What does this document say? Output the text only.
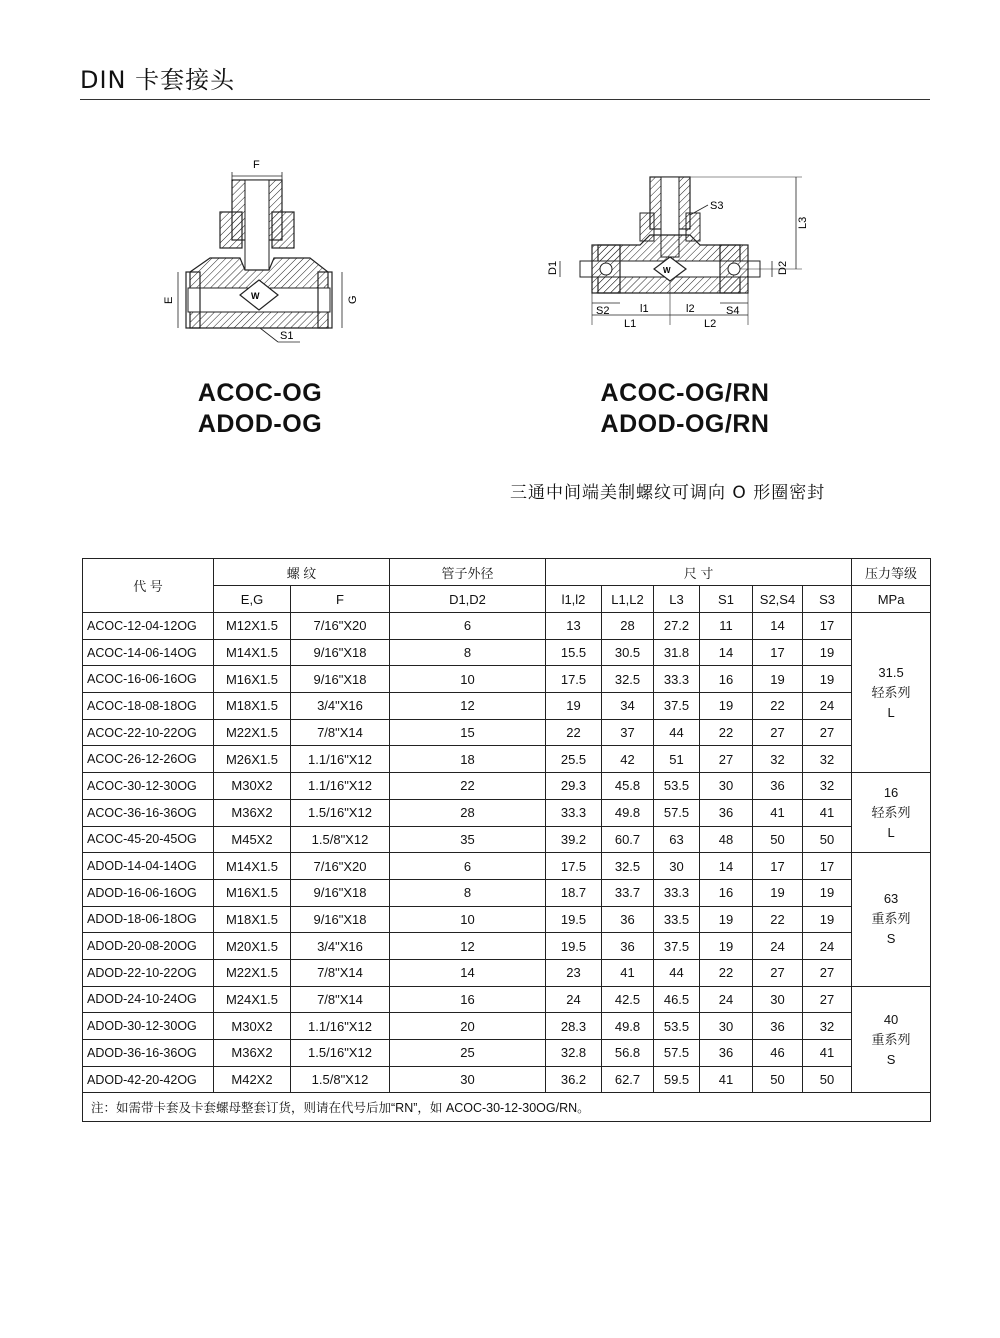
DIN 卡套接头
F
W
E	G
S1
W
S3
L3
D1	D2
S2	S4
l1	l2
L1	L2
ACOC-OG
ADOD-OG
ACOC-OG/RN
ADOD-OG/RN
三通中间端美制螺纹可调向 O 形圈密封
代 号	螺 纹		管子外径	尺 寸						压力等级
	E,G	F	D1,D2	l1,l2	L1,L2	L3	S1	S2,S4	S3	MPa
ACOC-12-04-12OG	M12X1.5	7/16"X20	6	13	28	27.2	11	14	17	31.5
轻系列
L

ACOC-14-06-14OG	M14X1.5	9/16"X18	8	15.5	30.5	31.8	14	17	19	
ACOC-16-06-16OG	M16X1.5	9/16"X18	10	17.5	32.5	33.3	16	19	19	
ACOC-18-08-18OG	M18X1.5	3/4"X16	12	19	34	37.5	19	22	24	
ACOC-22-10-22OG	M22X1.5	7/8"X14	15	22	37	44	22	27	27	
ACOC-26-12-26OG	M26X1.5	1.1/16"X12	18	25.5	42	51	27	32	32	
ACOC-30-12-30OG	M30X2	1.1/16"X12	22	29.3	45.8	53.5	30	36	32	16
轻系列
L

ACOC-36-16-36OG	M36X2	1.5/16"X12	28	33.3	49.8	57.5	36	41	41	
ACOC-45-20-45OG	M45X2	1.5/8"X12	35	39.2	60.7	63	48	50	50	
ADOD-14-04-14OG	M14X1.5	7/16"X20	6	17.5	32.5	30	14	17	17	63
重系列
S

ADOD-16-06-16OG	M16X1.5	9/16"X18	8	18.7	33.7	33.3	16	19	19	
ADOD-18-06-18OG	M18X1.5	9/16"X18	10	19.5	36	33.5	19	22	19	
ADOD-20-08-20OG	M20X1.5	3/4"X16	12	19.5	36	37.5	19	24	24	
ADOD-22-10-22OG	M22X1.5	7/8"X14	14	23	41	44	22	27	27	
ADOD-24-10-24OG	M24X1.5	7/8"X14	16	24	42.5	46.5	24	30	27	40
重系列
S

ADOD-30-12-30OG	M30X2	1.1/16"X12	20	28.3	49.8	53.5	30	36	32	
ADOD-36-16-36OG	M36X2	1.5/16"X12	25	32.8	56.8	57.5	36	46	41	
ADOD-42-20-42OG	M42X2	1.5/8"X12	30	36.2	62.7	59.5	41	50	50	
注：如需带卡套及卡套螺母整套订货，则请在代号后加“RN”，如 ACOC-30-12-30OG/RN。										
